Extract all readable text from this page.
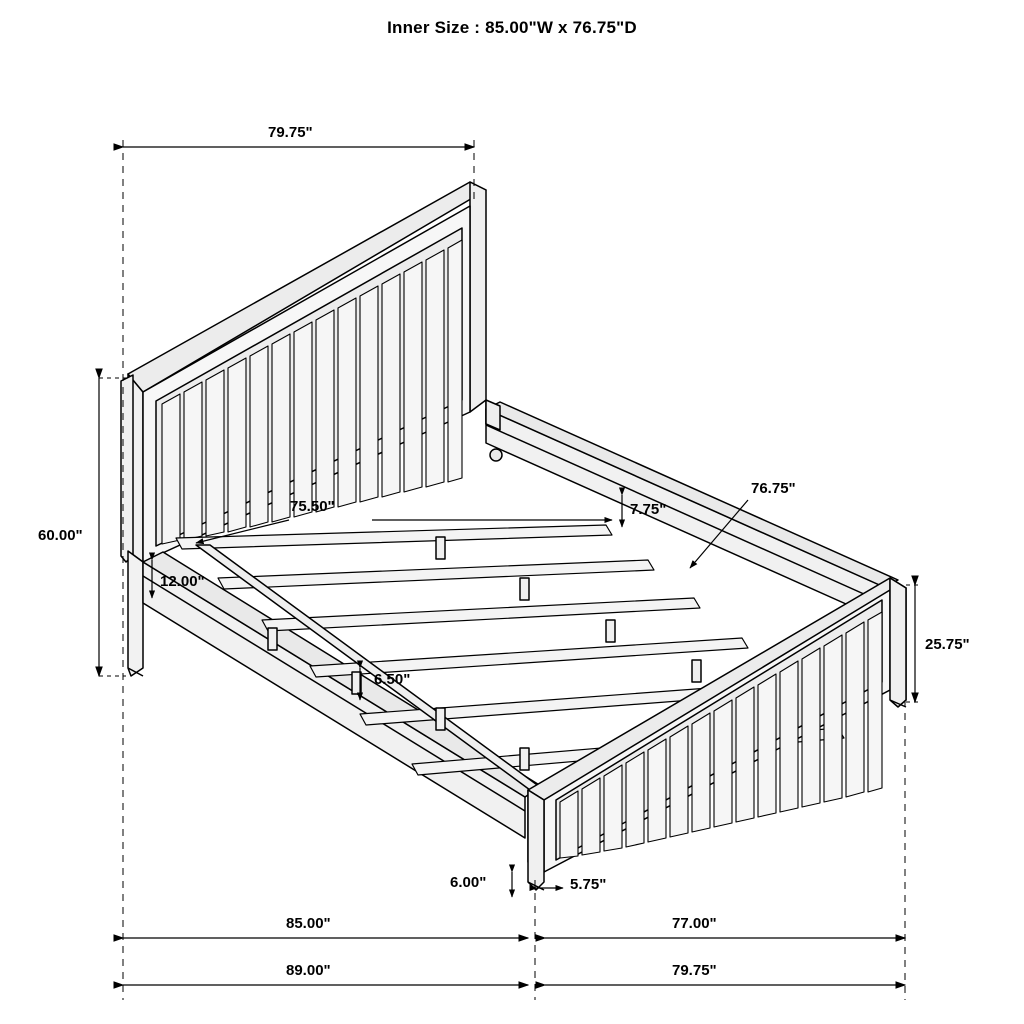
Inner Size : 85.00"W x 76.75"D
79.75"
60.00"
75.50"
12.00"
6.50"
7.75"
76.75"
25.75"
6.00"	5.75"
85.00"	77.00"
89.00"	79.75"
